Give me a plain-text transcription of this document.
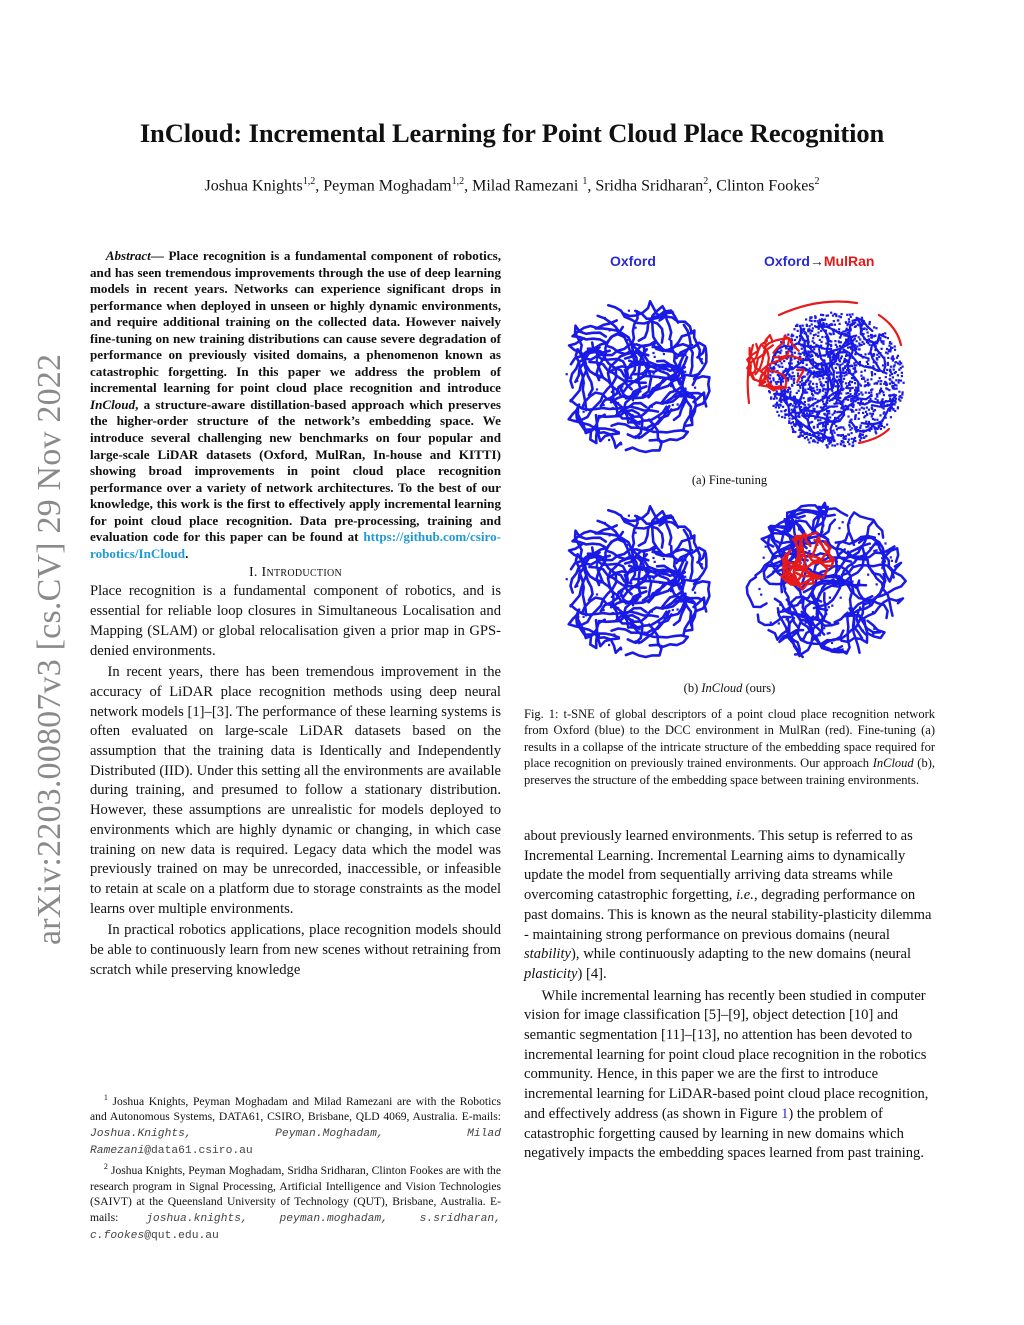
InCloud: Incremental Learning for Point Cloud Place Recognition
Joshua Knights$^{1,2}$, Peyman Moghadam$^{1,2}$, Milad Ramezani $^1$, Sridha Sridharan$^2$, Clinton Fookes$^2$
arXiv:2203.00807v3 [cs.CV] 29 Nov 2022

Abstract— Place recognition is a fundamental component of robotics, and has seen tremendous improvements through the use of deep learning models in recent years. Networks can experience significant drops in performance when deployed in unseen or highly dynamic environments, and require additional training on the collected data. However naively fine-tuning on new training distributions can cause severe degradation of performance on previously visited domains, a phenomenon known as catastrophic forgetting. In this paper we address the problem of incremental learning for point cloud place recognition and introduce InCloud, a structure-aware distillation-based approach which preserves the higher-order structure of the network’s embedding space. We introduce several challenging new benchmarks on four popular and large-scale LiDAR datasets (Oxford, MulRan, In-house and KITTI) showing broad improvements in point cloud place recognition performance over a variety of network architectures. To the best of our knowledge, this work is the first to effectively apply incremental learning for point cloud place recognition. Data pre-processing, training and evaluation code for this paper can be found at https://github.com/csiro-robotics/InCloud.

I. Introduction

Place recognition is a fundamental component of robotics, and is essential for reliable loop closures in Simultaneous Localisation and Mapping (SLAM) or global relocalisation given a prior map in GPS-denied environments.

In recent years, there has been tremendous improvement in the accuracy of LiDAR place recognition methods using deep neural network models [1]–[3]. The performance of these learning systems is often evaluated on large-scale LiDAR datasets based on the assumption that the training data is Identically and Independently Distributed (IID). Under this setting all the environments are available during training, and presumed to follow a stationary distribution. However, these assumptions are unrealistic for models deployed to environments which are highly dynamic or changing, in which case training on new data is required. Legacy data which the model was previously trained on may be unrecorded, inaccessible, or infeasible to retain at scale on a platform due to storage constraints as the model learns over multiple environments.

In practical robotics applications, place recognition models should be able to continuously learn from new scenes without retraining from scratch while preserving knowledge

$^1$ Joshua Knights, Peyman Moghadam and Milad Ramezani are with the Robotics and Autonomous Systems, DATA61, CSIRO, Brisbane, QLD 4069, Australia. E-mails: Joshua.Knights, Peyman.Moghadam, Milad Ramezani@data61.csiro.au

$^2$ Joshua Knights, Peyman Moghadam, Sridha Sridharan, Clinton Fookes are with the research program in Signal Processing, Artificial Intelligence and Vision Technologies (SAIVT) at the Queensland University of Technology (QUT), Brisbane, Australia. E-mails: joshua.knights, peyman.moghadam, s.sridharan, c.fookes@qut.edu.au

Oxford	Oxford→MulRan
(a) Fine-tuning
(b) InCloud (ours)

Fig. 1: t-SNE of global descriptors of a point cloud place recognition network from Oxford (blue) to the DCC environment in MulRan (red). Fine-tuning (a) results in a collapse of the intricate structure of the embedding space required for place recognition on previously trained environments. Our approach InCloud (b), preserves the structure of the embedding space between training environments.

about previously learned environments. This setup is referred to as Incremental Learning. Incremental Learning aims to dynamically update the model from sequentially arriving data streams while overcoming catastrophic forgetting, i.e., degrading performance on past domains. This is known as the neural stability-plasticity dilemma - maintaining strong performance on previous domains (neural stability), while continuously adapting to the new domains (neural plasticity) [4].

While incremental learning has recently been studied in computer vision for image classification [5]–[9], object detection [10] and semantic segmentation [11]–[13], no attention has been devoted to incremental learning for point cloud place recognition in the robotics community. Hence, in this paper we are the first to introduce incremental learning for LiDAR-based point cloud place recognition, and effectively address (as shown in Figure 1) the problem of catastrophic forgetting caused by learning in new domains which negatively impacts the embedding spaces learned from past training.
